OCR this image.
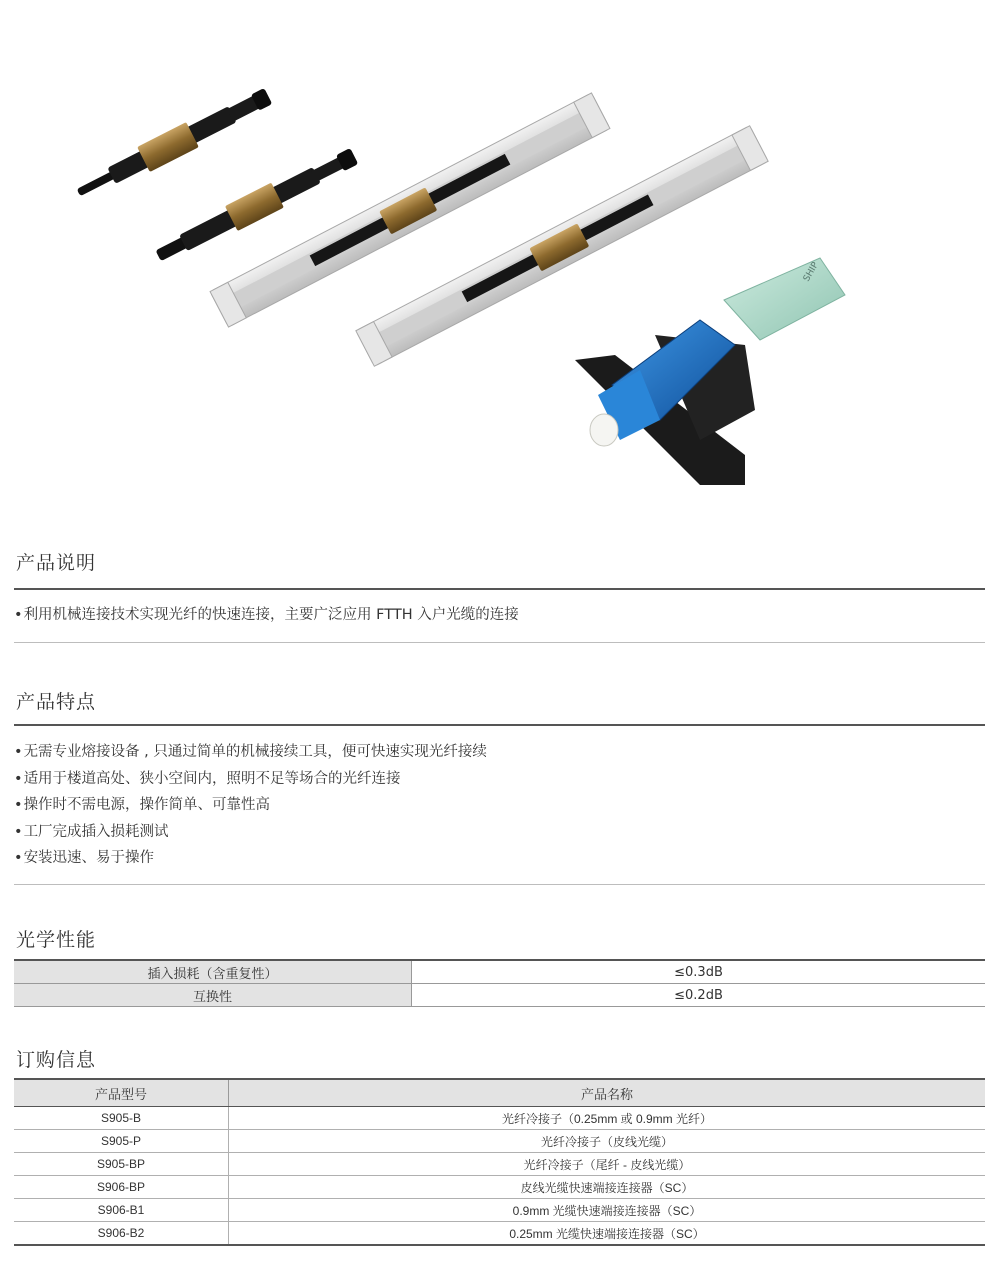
SHIP
产品说明
• 利用机械连接技术实现光纤的快速连接，主要广泛应用 FTTH 入户光缆的连接
产品特点
• 无需专业熔接设备 , 只通过简单的机械接续工具，便可快速实现光纤接续
• 适用于楼道高处、狭小空间内，照明不足等场合的光纤连接
• 操作时不需电源，操作简单、可靠性高
• 工厂完成插入损耗测试
• 安装迅速、易于操作
光学性能
插入损耗（含重复性）	≤0.3dB
互换性	≤0.2dB
订购信息
产品型号	产品名称
S905-B	光纤冷接子（0.25mm 或 0.9mm 光纤）
S905-P	光纤冷接子（皮线光缆）
S905-BP	光纤冷接子（尾纤 - 皮线光缆）
S906-BP	皮线光缆快速端接连接器（SC）
S906-B1	0.9mm 光缆快速端接连接器（SC）
S906-B2	0.25mm 光缆快速端接连接器（SC）
